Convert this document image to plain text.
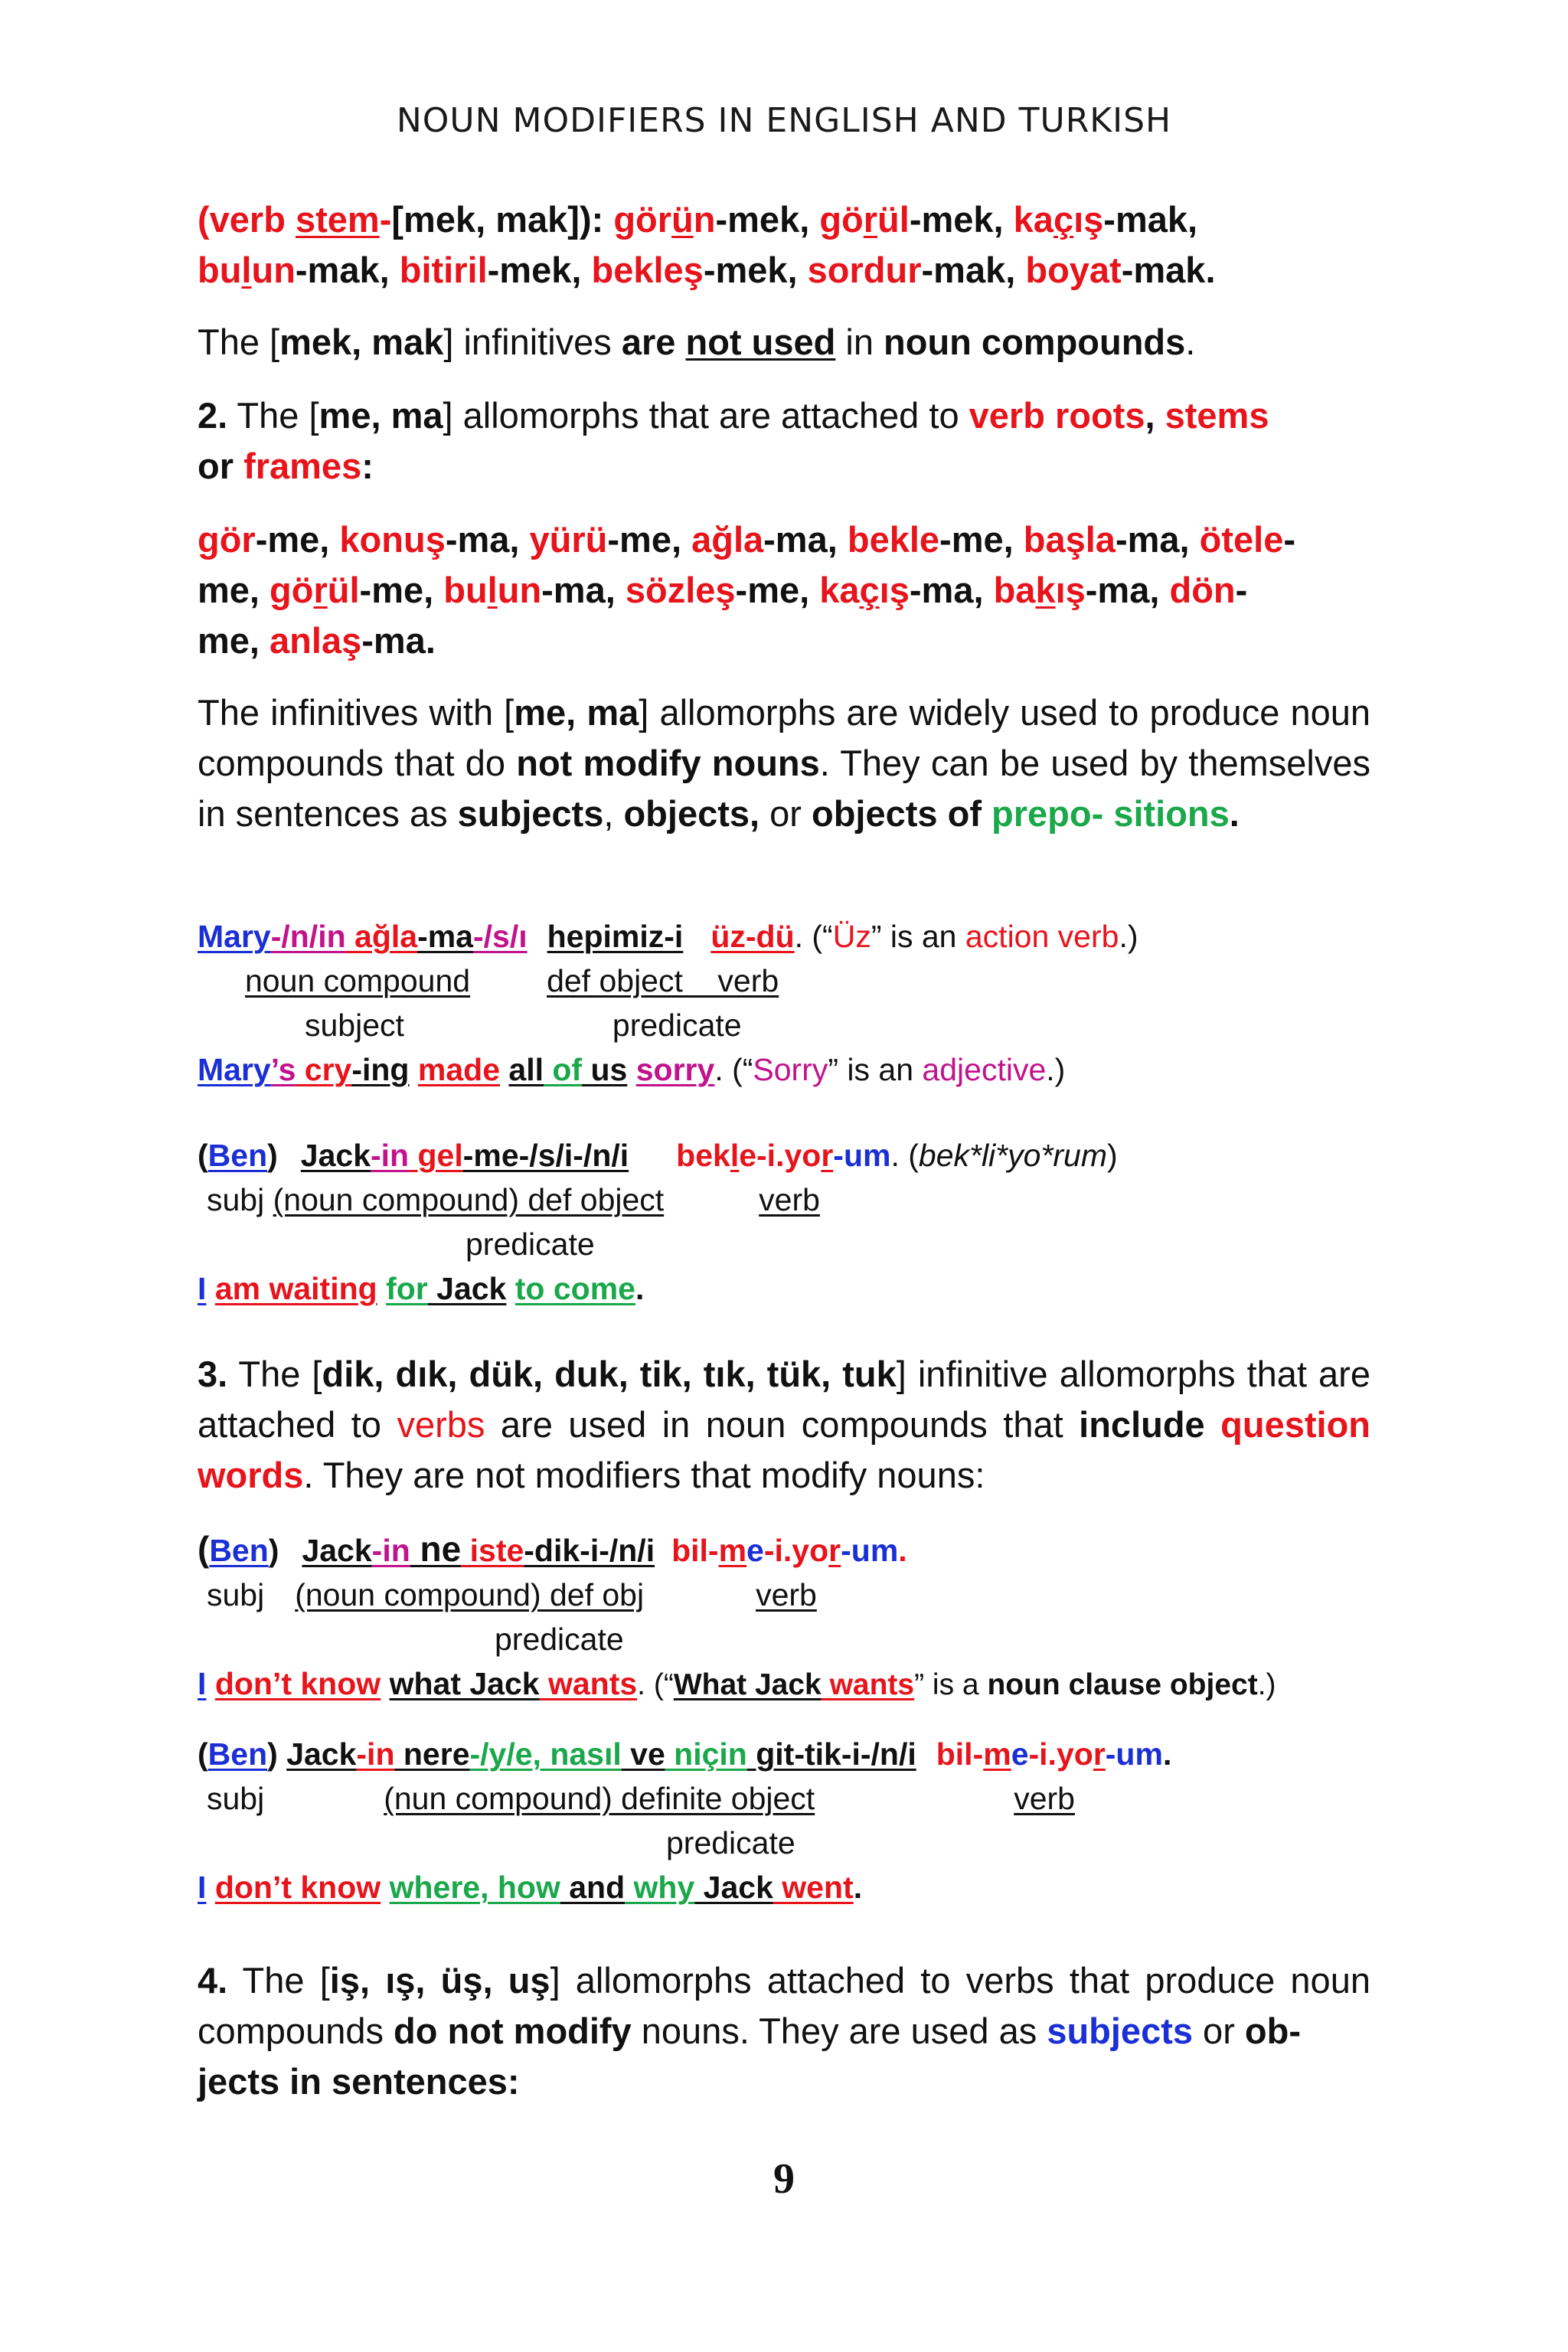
NOUN MODIFIERS IN ENGLISH AND TURKISH

(verb stem-[mek, mak]): görün-mek, görül-mek, kaçış-mak,
bulun-mak, bitiril-mek, bekleş-mek, sordur-mak, boyat-mak.

The [mek, mak] infinitives are not used in noun compounds.

2. The [me, ma] allomorphs that are attached to verb roots, stems
or frames:

gör-me, konuş-ma, yürü-me, ağla-ma, bekle-me, başla-ma, ötele-
me, görül-me, bulun-ma, sözleş-me, kaçış-ma, bakış-ma, dön-
me, anlaş-ma.

The infinitives with [me, ma] allomorphs are widely used to produce noun compounds that do not modify nouns. They can be used by themselves in sentences as subjects, objects, or objects of prepo- sitions.

Mary-/n/in ağla-ma-/s/ı hepimiz-i üz-dü. (“Üz” is an action verb.)
noun compound def object    verb
subject	predicate
Mary’s cry-ing made all of us sorry. (“Sorry” is an adjective.)
(Ben) Jack-in gel-me-/s/i-/n/i bekle-i.yor-um. (bek*li*yo*rum)
subj (noun compound) def object	verb
predicate
I am waiting for Jack to come.

3. The [dik, dık, dük, duk, tik, tık, tük, tuk] infinitive allomorphs that are attached to verbs are used in noun compounds that include question words. They are not modifiers that modify nouns:

(Ben) Jack-in ne iste-dik-i-/n/i bil-me-i.yor-um.
subj (noun compound) def obj	verb
predicate
I don’t know what Jack wants. (“What Jack wants” is a noun clause object.)
(Ben) Jack-in nere-/y/e, nasıl ve niçin git-tik-i-/n/i bil-me-i.yor-um.
subj	(nun compound) definite object	verb
predicate
I don’t know where, how and why Jack went.

4. The [iş, ış, üş, uş] allomorphs attached to verbs that produce noun compounds do not modify nouns. They are used as subjects or ob-
jects in sentences:

9
